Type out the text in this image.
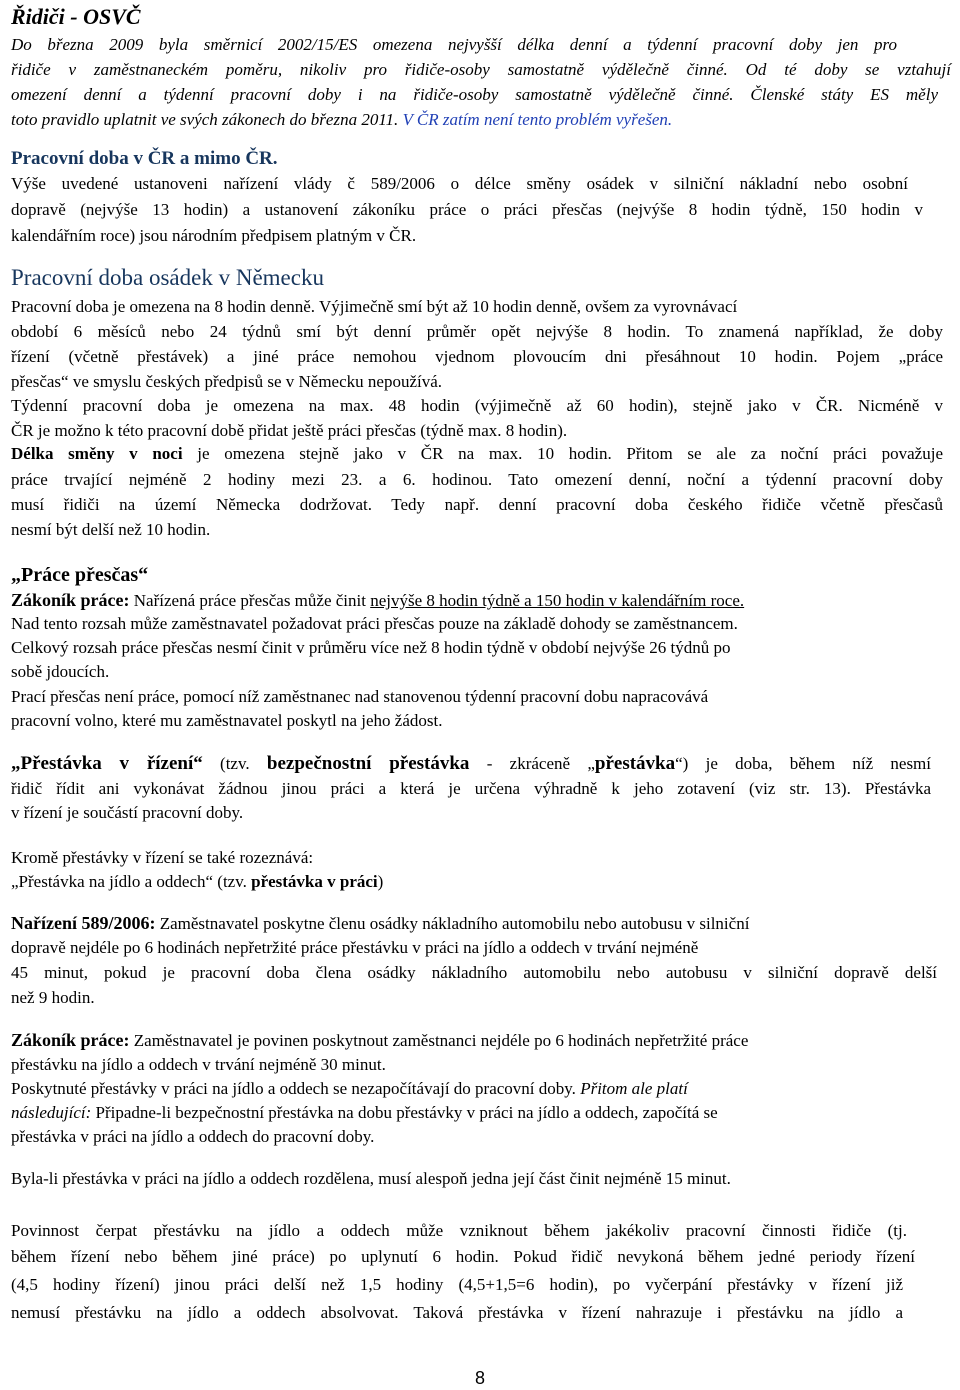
Řidiči - OSVČ
Do března 2009 byla směrnicí 2002/15/ES omezena nejvyšší délka denní a týdenní pracovní doby jen pro
řidiče v zaměstnaneckém poměru, nikoliv pro řidiče-osoby samostatně výdělečně činné. Od té doby se vztahují
omezení denní a týdenní pracovní doby i na řidiče-osoby samostatně výdělečně činné. Členské státy ES měly
toto pravidlo uplatnit ve svých zákonech do března 2011. V ČR zatím není tento problém vyřešen.
Pracovní doba v ČR a mimo ČR.
Výše uvedené ustanoveni nařízení vlády č 589/2006 o délce směny osádek v silniční nákladní nebo osobní
dopravě (nejvýše 13 hodin) a ustanovení zákoníku práce o práci přesčas (nejvýše 8 hodin týdně, 150 hodin v
kalendářním roce) jsou národním předpisem platným v ČR.
Pracovní doba osádek v Německu
Pracovní doba je omezena na 8 hodin denně. Výjimečně smí být až 10 hodin denně, ovšem za vyrovnávací
období 6 měsíců nebo 24 týdnů smí být denní průměr opět nejvýše 8 hodin. To znamená například, že doby
řízení (včetně přestávek) a jiné práce nemohou vjednom plovoucím dni přesáhnout 10 hodin. Pojem „práce
přesčas“ ve smyslu českých předpisů se v Německu nepoužívá.
Týdenní pracovní doba je omezena na max. 48 hodin (výjimečně až 60 hodin), stejně jako v ČR. Nicméně v
ČR je možno k této pracovní době přidat ještě práci přesčas (týdně max. 8 hodin).
Délka směny v noci je omezena stejně jako v ČR na max. 10 hodin. Přitom se ale za noční práci považuje
práce trvající nejméně 2 hodiny mezi 23. a 6. hodinou. Tato omezení denní, noční a týdenní pracovní doby
musí řidiči na území Německa dodržovat. Tedy např. denní pracovní doba českého řidiče včetně přesčasů
nesmí být delší než 10 hodin.
„Práce přesčas“
Zákoník práce: Nařízená práce přesčas může činit nejvýše 8 hodin týdně a 150 hodin v kalendářním roce.
Nad tento rozsah může zaměstnavatel požadovat práci přesčas pouze na základě dohody se zaměstnancem.
Celkový rozsah práce přesčas nesmí činit v průměru více než 8 hodin týdně v období nejvýše 26 týdnů po
sobě jdoucích.
Prací přesčas není práce, pomocí níž zaměstnanec nad stanovenou týdenní pracovní dobu napracovává
pracovní volno, které mu zaměstnavatel poskytl na jeho žádost.
„Přestávka v řízení“ (tzv. bezpečnostní přestávka - zkráceně „přestávka“) je doba, během níž nesmí
řidič řídit ani vykonávat žádnou jinou práci a která je určena výhradně k jeho zotavení (viz str. 13). Přestávka
v řízení je součástí pracovní doby.
Kromě přestávky v řízení se také rozeznává:
„Přestávka na jídlo a oddech“ (tzv. přestávka v práci)
Nařízení 589/2006: Zaměstnavatel poskytne členu osádky nákladního automobilu nebo autobusu v silniční
dopravě nejdéle po 6 hodinách nepřetržité práce přestávku v práci na jídlo a oddech v trvání nejméně
45 minut, pokud je pracovní doba člena osádky nákladního automobilu nebo autobusu v silniční dopravě delší
než 9 hodin.
Zákoník práce: Zaměstnavatel je povinen poskytnout zaměstnanci nejdéle po 6 hodinách nepřetržité práce
přestávku na jídlo a oddech v trvání nejméně 30 minut.
Poskytnuté přestávky v práci na jídlo a oddech se nezapočítávají do pracovní doby. Přitom ale platí
následující: Připadne-li bezpečnostní přestávka na dobu přestávky v práci na jídlo a oddech, započítá se
přestávka v práci na jídlo a oddech do pracovní doby.
Byla-li přestávka v práci na jídlo a oddech rozdělena, musí alespoň jedna její část činit nejméně 15 minut.
Povinnost čerpat přestávku na jídlo a oddech může vzniknout během jakékoliv pracovní činnosti řidiče (tj.
během řízení nebo během jiné práce) po uplynutí 6 hodin. Pokud řidič nevykoná během jedné periody řízení
(4,5 hodiny řízení) jinou práci delší než 1,5 hodiny (4,5+1,5=6 hodin), po vyčerpání přestávky v řízení již
nemusí přestávku na jídlo a oddech absolvovat. Taková přestávka v řízení nahrazuje i přestávku na jídlo a
8
